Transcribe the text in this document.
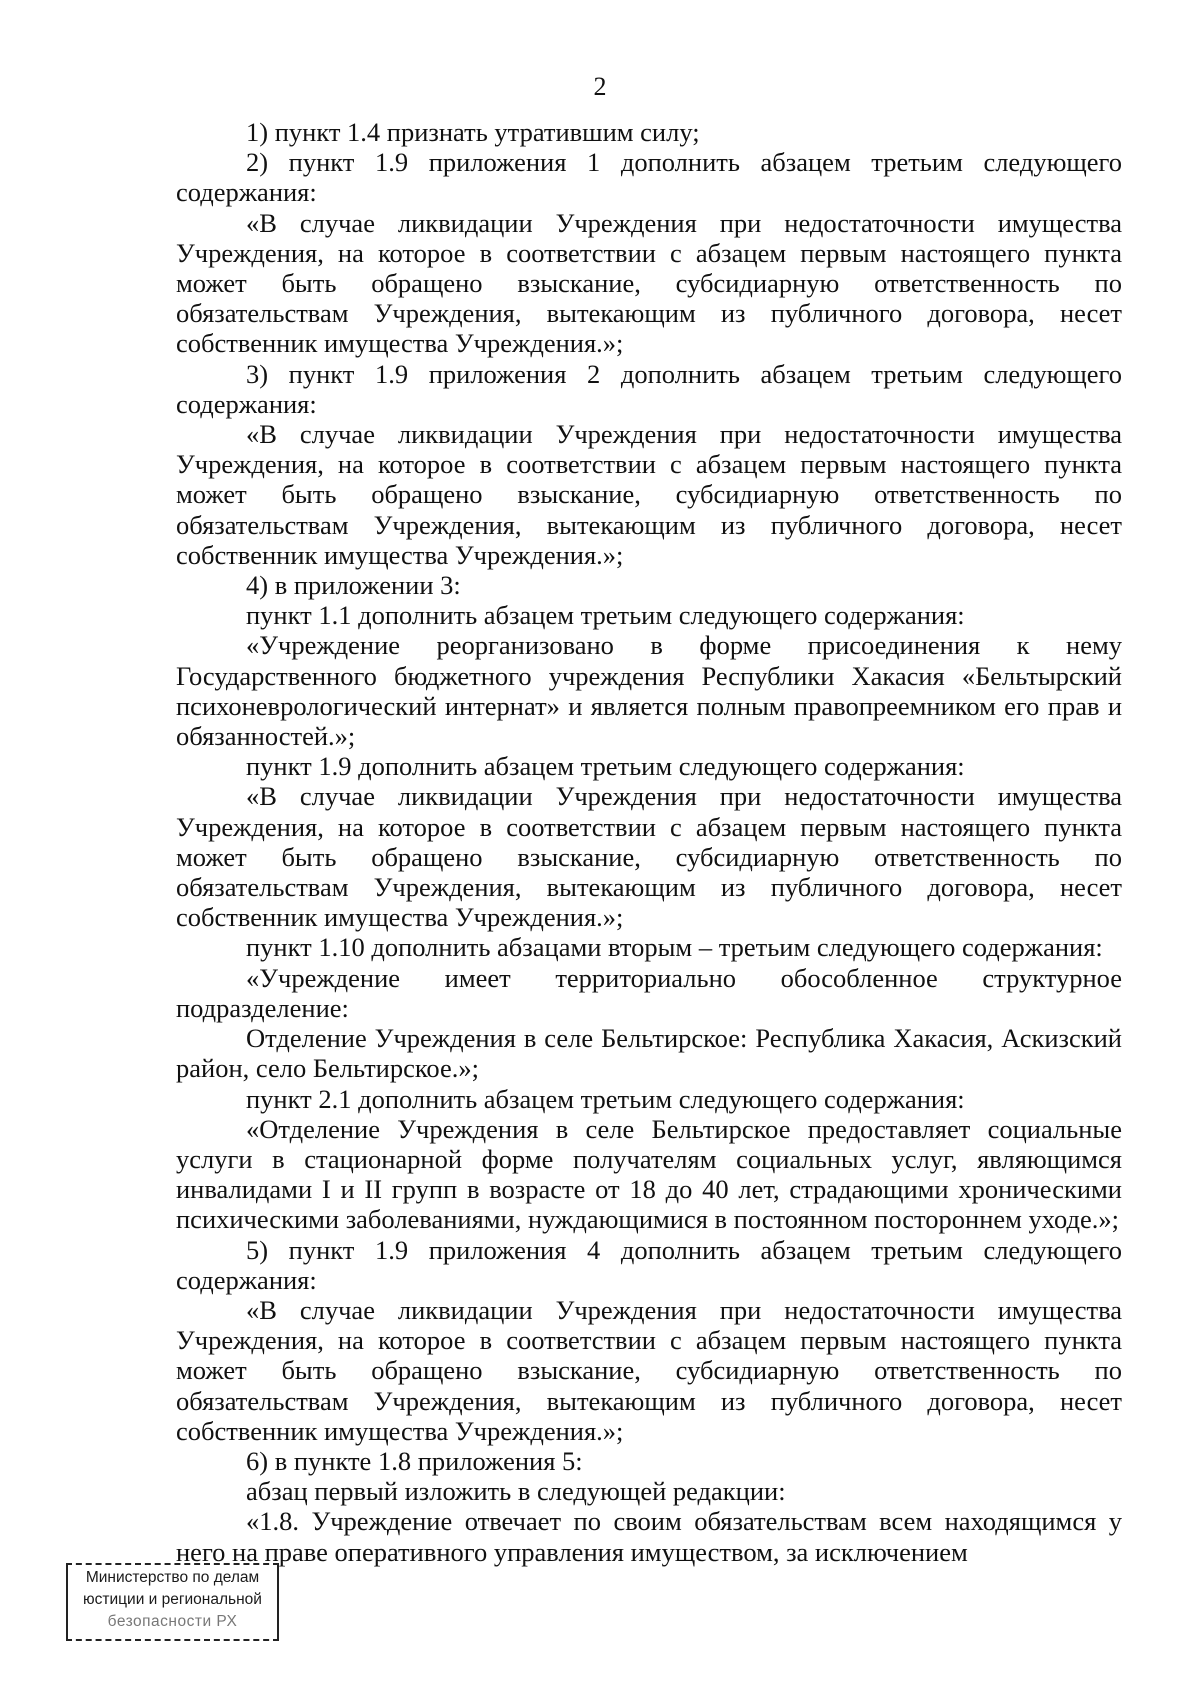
2

1) пункт 1.4 признать утратившим силу;

2) пункт 1.9 приложения 1 дополнить абзацем третьим следующего содержания:

«В случае ликвидации Учреждения при недостаточности имущества Учреждения, на которое в соответствии с абзацем первым настоящего пункта может быть обращено взыскание, субсидиарную ответственность по обязательствам Учреждения, вытекающим из публичного договора, несет собственник имущества Учреждения.»;

3) пункт 1.9 приложения 2 дополнить абзацем третьим следующего содержания:

«В случае ликвидации Учреждения при недостаточности имущества Учреждения, на которое в соответствии с абзацем первым настоящего пункта может быть обращено взыскание, субсидиарную ответственность по обязательствам Учреждения, вытекающим из публичного договора, несет собственник имущества Учреждения.»;

4) в приложении 3:

пункт 1.1 дополнить абзацем третьим следующего содержания:

«Учреждение реорганизовано в форме присоединения к нему Государственного бюджетного учреждения Республики Хакасия «Бельтырский психоневрологический интернат» и является полным правопреемником его прав и обязанностей.»;

пункт 1.9 дополнить абзацем третьим следующего содержания:

«В случае ликвидации Учреждения при недостаточности имущества Учреждения, на которое в соответствии с абзацем первым настоящего пункта может быть обращено взыскание, субсидиарную ответственность по обязательствам Учреждения, вытекающим из публичного договора, несет собственник имущества Учреждения.»;

пункт 1.10 дополнить абзацами вторым – третьим следующего содержания:

«Учреждение имеет территориально обособленное структурное подразделение:

Отделение Учреждения в селе Бельтирское: Республика Хакасия, Аскизский район, село Бельтирское.»;

пункт 2.1 дополнить абзацем третьим следующего содержания:

«Отделение Учреждения в селе Бельтирское предоставляет социальные услуги в стационарной форме получателям социальных услуг, являющимся инвалидами I и II групп в возрасте от 18 до 40 лет, страдающими хроническими психическими заболеваниями, нуждающимися в постоянном постороннем уходе.»;

5) пункт 1.9 приложения 4 дополнить абзацем третьим следующего содержания:

«В случае ликвидации Учреждения при недостаточности имущества Учреждения, на которое в соответствии с абзацем первым настоящего пункта может быть обращено взыскание, субсидиарную ответственность по обязательствам Учреждения, вытекающим из публичного договора, несет собственник имущества Учреждения.»;

6) в пункте 1.8 приложения 5:

абзац первый изложить в следующей редакции:

«1.8. Учреждение отвечает по своим обязательствам всем находящимся у него на праве оперативного управления имуществом, за исключением

Министерство по делам
юстиции и региональной
безопасности РХ
